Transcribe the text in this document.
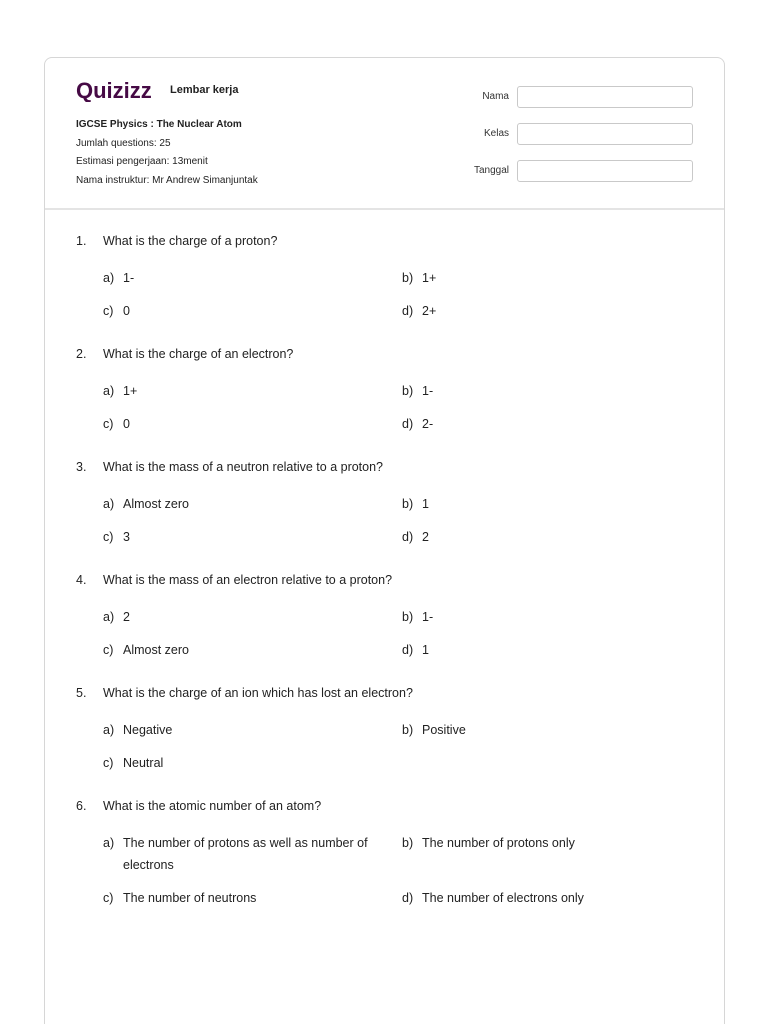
Quizizz Lembar kerja
IGCSE Physics : The Nuclear Atom
Jumlah questions: 25
Estimasi pengerjaan: 13menit
Nama instruktur: Mr Andrew Simanjuntak
Nama
Kelas
Tanggal
1.	What is the charge of a proton?
a) 1-	b) 1+
c) 0	d) 2+
2.	What is the charge of an electron?
a) 1+	b) 1-
c) 0	d) 2-
3.	What is the mass of a neutron relative to a proton?
a) Almost zero	b) 1
c) 3	d) 2
4.	What is the mass of an electron relative to a proton?
a) 2	b) 1-
c) Almost zero	d) 1
5.	What is the charge of an ion which has lost an electron?
a) Negative	b) Positive
c) Neutral
6.	What is the atomic number of an atom?
a) The number of protons as well as number of electrons
b) The number of protons only
c) The number of neutrons	d) The number of electrons only
